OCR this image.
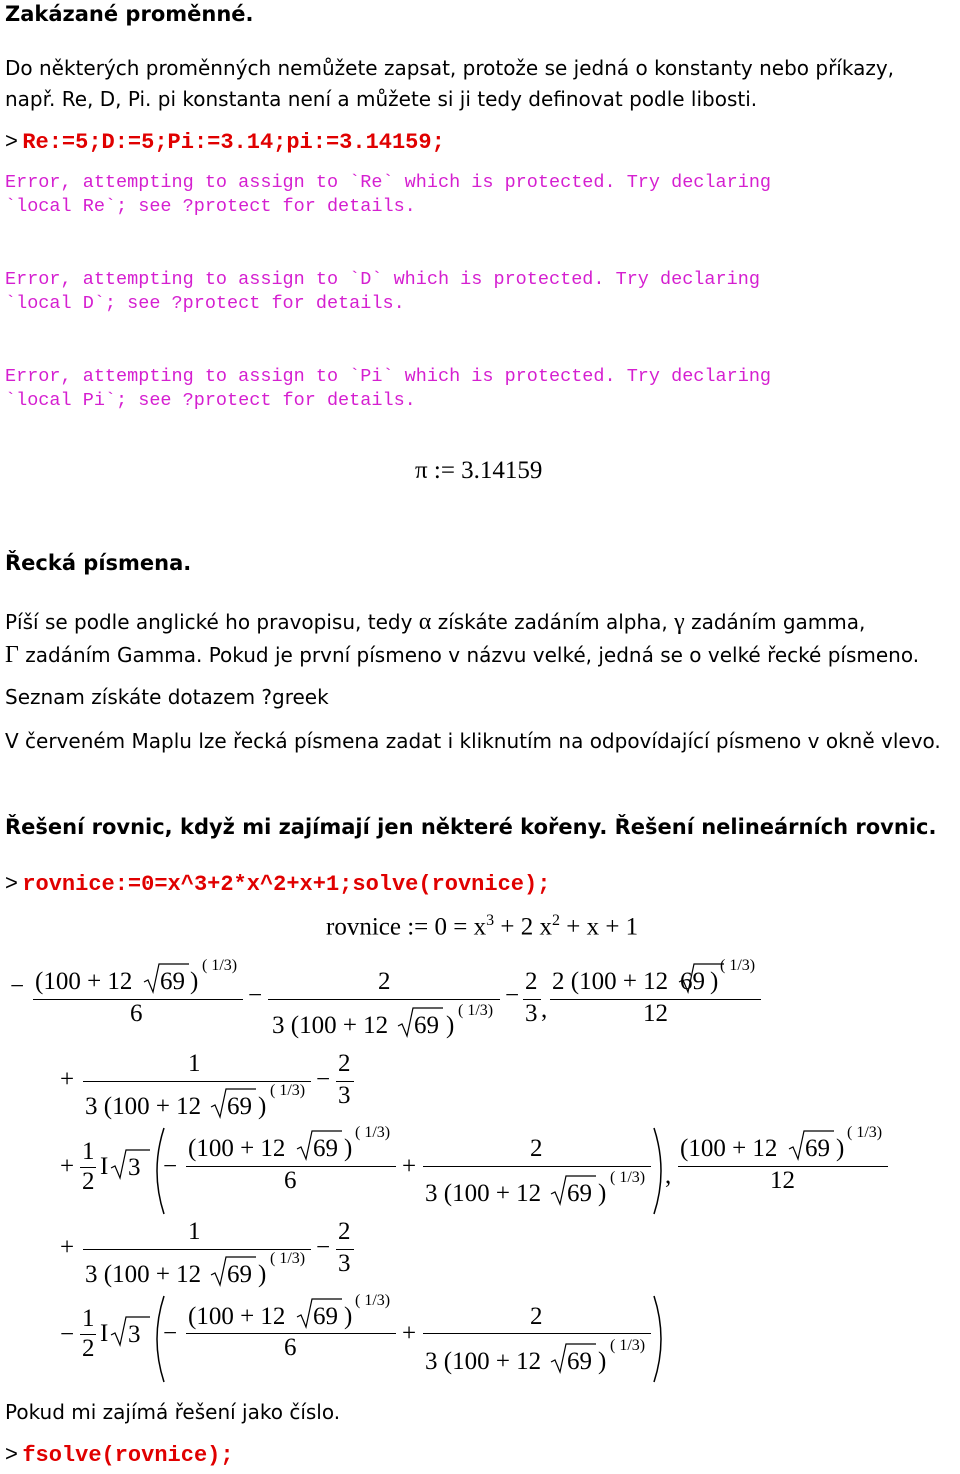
Zakázané proměnné.
Do některých proměnných nemůžete zapsat, protože se jedná o konstanty nebo příkazy,
např. Re, D, Pi. pi konstanta není a můžete si ji tedy definovat podle libosti.
> Re:=5;D:=5;Pi:=3.14;pi:=3.14159;
Error, attempting to assign to `Re` which is protected. Try declaring
`local Re`; see ?protect for details.
Error, attempting to assign to `D` which is protected. Try declaring
`local D`; see ?protect for details.
Error, attempting to assign to `Pi` which is protected. Try declaring
`local Pi`; see ?protect for details.
π := 3.14159
Řecká písmena.
Píší se podle anglické ho pravopisu, tedy α získáte zadáním alpha, γ zadáním gamma,
Γ zadáním Gamma. Pokud je první písmeno v názvu velké, jedná se o velké řecké písmeno.
Seznam získáte dotazem ?greek
V červeném Maplu lze řecká písmena zadat i kliknutím na odpovídající písmeno v okně vlevo.
Řešení rovnic, když mi zajímají jen některé kořeny. Řešení nelineárních rovnic.
> rovnice:=0=x^3+2*x^2+x+1;solve(rovnice);
rovnice := $0 = x^3 + 2$ $x^2 + x + 1$
− (100 + 12 69 )
( 1/3)
6
−
2
3 (100 + 12 69 )
( 1/3)
−
2
3 ,
2 (100 + 12 69 )
( 1/3)
12
+
1
3 (100 + 12 69 )
( 1/3) −
2
3
+
1
2
I 3 −
(100 + 12 69 )
( 1/3)
6
+
2
3 (100 + 12 69 )
( 1/3) ,
(100 + 12 69 )
( 1/3)
12
+
1
3 (100 + 12 69 )
( 1/3) −
2
3
−
1
2
I 3 −
(100 + 12 69 )
( 1/3)
6
+
2
3 (100 + 12 69 )
( 1/3)
Pokud mi zajímá řešení jako číslo.
> fsolve(rovnice);
